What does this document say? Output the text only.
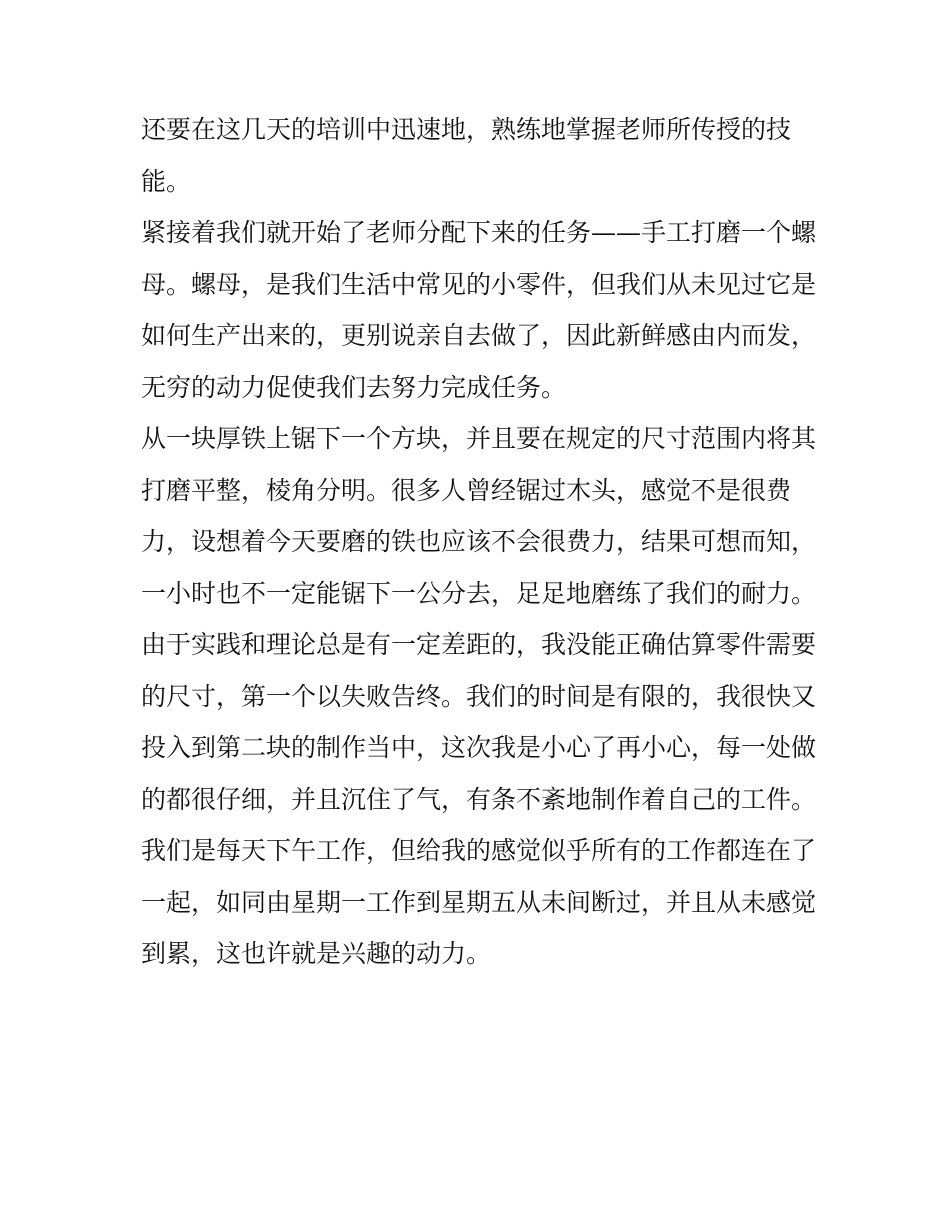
还要在这几天的培训中迅速地，熟练地掌握老师所传授的技

能。

紧接着我们就开始了老师分配下来的任务——手工打磨一个螺

母。螺母，是我们生活中常见的小零件，但我们从未见过它是

如何生产出来的，更别说亲自去做了，因此新鲜感由内而发，

无穷的动力促使我们去努力完成任务。

从一块厚铁上锯下一个方块，并且要在规定的尺寸范围内将其

打磨平整，棱角分明。很多人曾经锯过木头，感觉不是很费

力，设想着今天要磨的铁也应该不会很费力，结果可想而知，

一小时也不一定能锯下一公分去，足足地磨练了我们的耐力。

由于实践和理论总是有一定差距的，我没能正确估算零件需要

的尺寸，第一个以失败告终。我们的时间是有限的，我很快又

投入到第二块的制作当中，这次我是小心了再小心，每一处做

的都很仔细，并且沉住了气，有条不紊地制作着自己的工件。

我们是每天下午工作，但给我的感觉似乎所有的工作都连在了

一起，如同由星期一工作到星期五从未间断过，并且从未感觉

到累，这也许就是兴趣的动力。
